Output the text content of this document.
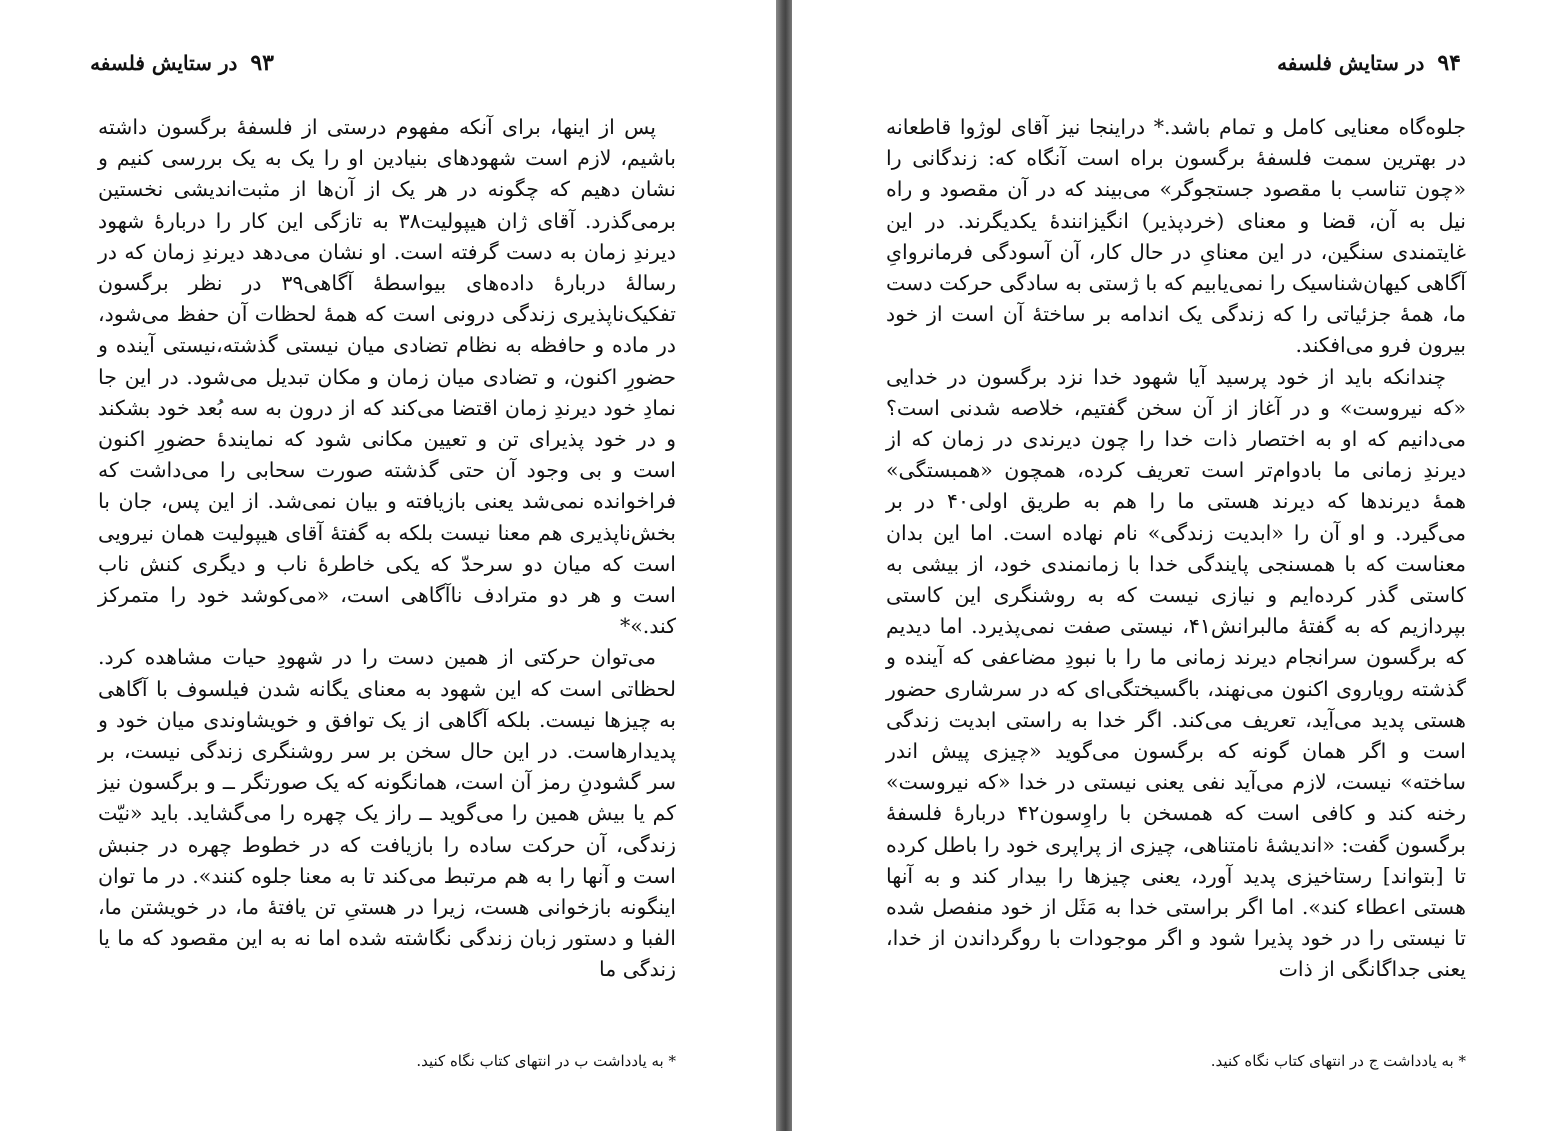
۹۳ در ستایش فلسفه

پس از اینها، برای آنکه مفهوم درستی از فلسفهٔ برگسون داشته باشیم، لازم است شهودهای بنیادین او را یک به یک بررسی کنیم و نشان دهیم که چگونه در هر یک از آن‌ها از مثبت‌اندیشی نخستین برمی‌گذرد. آقای ژان هیپولیت۳۸ به تازگی این کار را دربارهٔ شهود دیرندِ زمان به دست گرفته است. او نشان می‌دهد دیرندِ زمان که در رسالهٔ دربارهٔ داده‌های بیواسطهٔ آگاهی۳۹ در نظر برگسون تفکیک‌ناپذیری زندگی درونی است که همهٔ لحظات آن حفظ می‌شود، در ماده و حافظه به نظام تضادی میان نیستی گذشته،نیستی آینده و حضورِ اکنون، و تضادی میان زمان و مکان تبدیل می‌شود. در این جا نمادِ خود دیرندِ زمان اقتضا می‌کند که از درون به سه بُعد خود بشکند و در خود پذیرای تن و تعیین مکانی شود که نمایندهٔ حضورِ اکنون است و بی وجود آن حتی گذشته صورت سحابی را می‌داشت که فراخوانده نمی‌شد یعنی بازیافته و بیان نمی‌شد. از این پس، جان با بخش‌ناپذیری هم معنا نیست بلکه به گفتهٔ آقای هیپولیت همان نیرویی است که میان دو سرحدّ که یکی خاطرهٔ ناب و دیگری کنش ناب است و هر دو مترادف ناآگاهی است، «می‌کوشد خود را متمرکز کند.»*

می‌توان حرکتی از همین دست را در شهودِ حیات مشاهده کرد. لحظاتی است که این شهود به معنای یگانه شدن فیلسوف با آگاهی به چیزها نیست. بلکه آگاهی از یک توافق و خویشاوندی میان خود و پدیدارهاست. در این حال سخن بر سر روشنگری زندگی نیست، بر سر گشودنِ رمز آن است، همانگونه که یک صورتگر ــ و برگسون نیز کم یا بیش همین را می‌گوید ــ راز یک چهره را می‌گشاید. باید «نیّت زندگی، آن حرکت ساده را بازیافت که در خطوط چهره در جنبش است و آنها را به هم مرتبط می‌کند تا به معنا جلوه کنند». در ما توان اینگونه بازخوانی هست، زیرا در هستیِ تن یافتهٔ ما، در خویشتن ما، الفبا و دستور زبان زندگی نگاشته شده اما نه به این مقصود که ما یا زندگی ما

* به یادداشت ب در انتهای کتاب نگاه کنید.
۹۴ در ستایش فلسفه

جلوه‌گاه معنایی کامل و تمام باشد.* دراینجا نیز آقای لوژوا قاطعانه در بهترین سمت فلسفهٔ برگسون براه است آنگاه که: زندگانی را «چون تناسب با مقصود جستجوگر» می‌بیند که در آن مقصود و راه نیل به آن، قضا و معنای (خردپذیر) انگیزانندهٔ یکدیگرند. در این غایتمندی سنگین، در این معنایِ در حال کار، آن آسودگی فرمانروایِ آگاهی کیهان‌شناسیک را نمی‌یابیم که با ژستی به سادگی حرکت دست ما، همهٔ جزئیاتی را که زندگی یک اندامه بر ساختهٔ آن است از خود بیرون فرو می‌افکند.

چندانکه باید از خود پرسید آیا شهود خدا نزد برگسون در خدایی «که نیروست» و در آغاز از آن سخن گفتیم، خلاصه شدنی است؟ می‌دانیم که او به اختصار ذات خدا را چون دیرندی در زمان که از دیرندِ زمانی ما بادوام‌تر است تعریف کرده، همچون «همبستگی» همهٔ دیرندها که دیرند هستی ما را هم به طریق اولی۴۰ در بر می‌گیرد. و او آن را «ابدیت زندگی» نام نهاده است. اما این بدان معناست که با همسنجی پایندگی خدا با زمانمندی خود، از بیشی به کاستی گذر کرده‌ایم و نیازی نیست که به روشنگری این کاستی بپردازیم که به گفتهٔ مالبرانش۴۱، نیستی صفت نمی‌پذیرد. اما دیدیم که برگسون سرانجام دیرند زمانی ما را با نبودِ مضاعفی که آینده و گذشته رویاروی اکنون می‌نهند، باگسیختگی‌ای که در سرشاری حضور هستی پدید می‌آید، تعریف می‌کند. اگر خدا به راستی ابدیت زندگی است و اگر همان گونه که برگسون می‌گوید «چیزی پیش اندر ساخته» نیست، لازم می‌آید نفی یعنی نیستی در خدا «که نیروست» رخنه کند و کافی است که همسخن با راوِسون۴۲ دربارهٔ فلسفهٔ برگسون گفت: «اندیشهٔ نامتناهی، چیزی از پراپری خود را باطل کرده تا [بتواند] رستاخیزی پدید آورد، یعنی چیزها را بیدار کند و به آنها هستی اعطاء کند». اما اگر براستی خدا به مَثَل از خود منفصل شده تا نیستی را در خود پذیرا شود و اگر موجودات با روگرداندن از خدا، یعنی جداگانگی از ذات

* به یادداشت ج در انتهای کتاب نگاه کنید.
